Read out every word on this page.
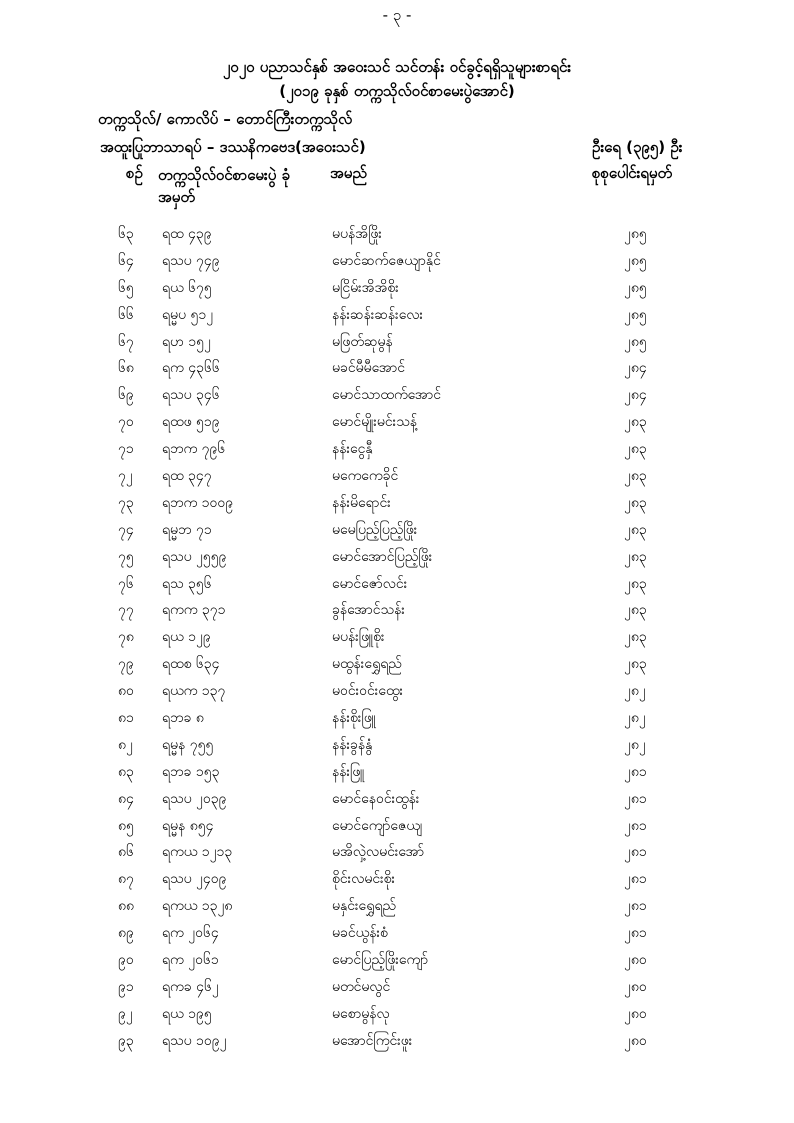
- ၃ -
၂၀၂၀ ပညာသင်နှစ် အဝေးသင် သင်တန်း ဝင်ခွင့်ရရှိသူများစာရင်း
(၂၀၁၉ ခုနှစ် တက္ကသိုလ်ဝင်စာမေးပွဲအောင်)
တက္ကသိုလ်/ ကောလိပ် – တောင်ကြီးတက္ကသိုလ်
အထူးပြုဘာသာရပ် – ဒဿနိကဗေဒ(အဝေးသင်)	ဦးရေ (၃၉၅) ဦး
စဉ် တက္ကသိုလ်ဝင်စာမေးပွဲ ခုံအမှတ်
အမည်	စုစုပေါင်းရမှတ်
၆၃ ရထ ၄၃၉	မပန်အိဖြိုး	၂၈၅
၆၄ ရသပ ၇၄၉	မောင်ဆက်ဇေယျာနိုင်	၂၈၅
၆၅ ရယ ၆၇၅	မငြိမ်းအိအိစိုး	၂၈၅
၆၆ ရမ္မပ ၅၁၂	နန်းဆန်းဆန်းလေး	၂၈၅
၆၇ ရဟ ၁၅၂	မဖြတ်ဆုမွန်	၂၈၅
၆၈ ရက ၄၃၆၆	မခင်မီမီအောင်	၂၈၄
၆၉ ရသပ ၃၄၆	မောင်သာထက်အောင်	၂၈၄
၇၀ ရထဖ ၅၁၉	မောင်မျိုးမင်းသန့်	၂၈၃
၇၁ ရဘက ၇၉၆	နန်းငွေနှီ	၂၈၃
၇၂ ရထ ၃၄၇	မကေကေခိုင်	၂၈၃
၇၃ ရဘက ၁၀၀၉	နန်းမိရောင်း	၂၈၃
၇၄ ရမ္မဘ ၇၁	မမေပြည့်ပြည့်ဖြိုး	၂၈၃
၇၅ ရသပ ၂၅၅၉	မောင်အောင်ပြည့်ဖြိုး	၂၈၃
၇၆ ရသ ၃၅၆	မောင်ဇော်လင်း	၂၈၃
၇၇ ရကက ၃၇၁	ခွန်အောင်သန်း	၂၈၃
၇၈ ရယ ၁၂၉	မပန်းဖြူစိုး	၂၈၃
၇၉ ရထစ ၆၃၄	မထွန်းရွှေရည်	၂၈၃
၈၀ ရယက ၁၃၇	မဝင်းဝင်းထွေး	၂၈၂
၈၁ ရဘခ ၈	နန်းစိုးဖြူ	၂၈၂
၈၂ ရမ္မန ၇၅၅	နန်းခွန်နွံ	၂၈၂
၈၃ ရဘခ ၁၅၃	နန်းဖြူ	၂၈၁
၈၄ ရသပ ၂၀၃၉	မောင်နေဝင်းထွန်း	၂၈၁
၈၅ ရမ္မန ၈၅၄	မောင်ကျော်ဇေယျ	၂၈၁
၈၆ ရကယ ၁၂၁၃	မအိလှဲ့လမင်းအော်	၂၈၁
၈၇ ရသပ ၂၄၀၉	စိုင်းလမင်းစိုး	၂၈၁
၈၈ ရကယ ၁၃၂၈	မနှင်းရွှေရည်	၂၈၁
၈၉ ရက ၂၀၆၄	မခင်ယွန်းစံ	၂၈၁
၉၀ ရက ၂၀၆၁	မောင်ပြည့်ဖြိုးကျော်	၂၈၀
၉၁ ရကခ ၄၆၂	မတင်မလွင်	၂၈၀
၉၂ ရယ ၁၉၅	မစောမွန်လု	၂၈၀
၉၃ ရသပ ၁၀၉၂	မအောင်ကြင်းဖူး	၂၈၀
